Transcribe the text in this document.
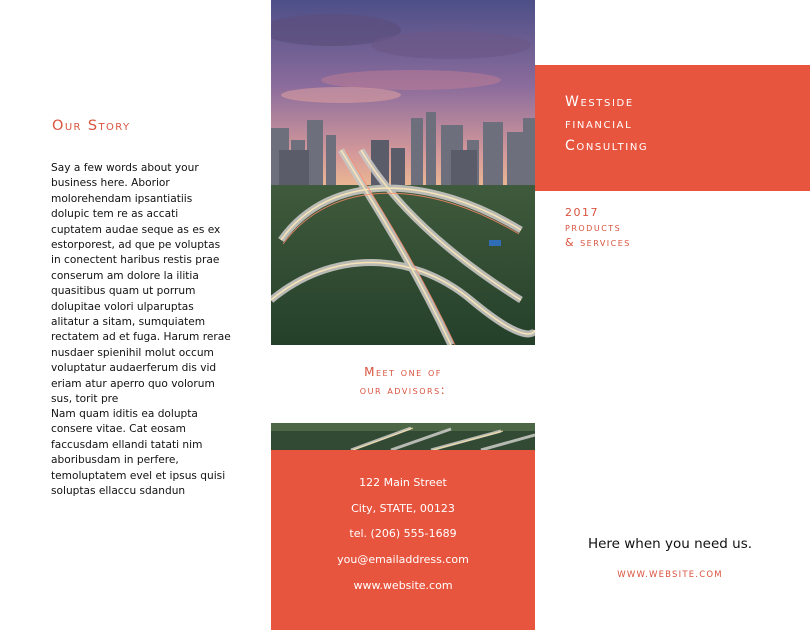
Our Story
Say a few words about your business here. Aborior molorehendam ipsantiatiis dolupic tem re as accati cuptatem audae seque as es ex estorporest, ad que pe voluptas in conectent haribus restis prae conserum am dolore la ilitia quasitibus quam ut porrum dolupitae volori ulparuptas alitatur a sitam, sumquiatem rectatem ad et fuga. Harum rerae nusdaer spienihil molut occum voluptatur audaerferum dis vid eriam atur aperro quo volorum sus, torit pre
Nam quam iditis ea dolupta consere vitae. Cat eosam faccusdam ellandi tatati nim aboribusdam in perfere, temoluptatem evel et ipsus quisi soluptas ellaccu sdandun
Meet one of
our advisors:
122 Main Street
City, STATE, 00123
tel. (206) 555-1689
you@emailaddress.com
www.website.com
Westside
financial
Consulting
2017
products
& services
Here when you need us.
WWW.WEBSITE.COM
